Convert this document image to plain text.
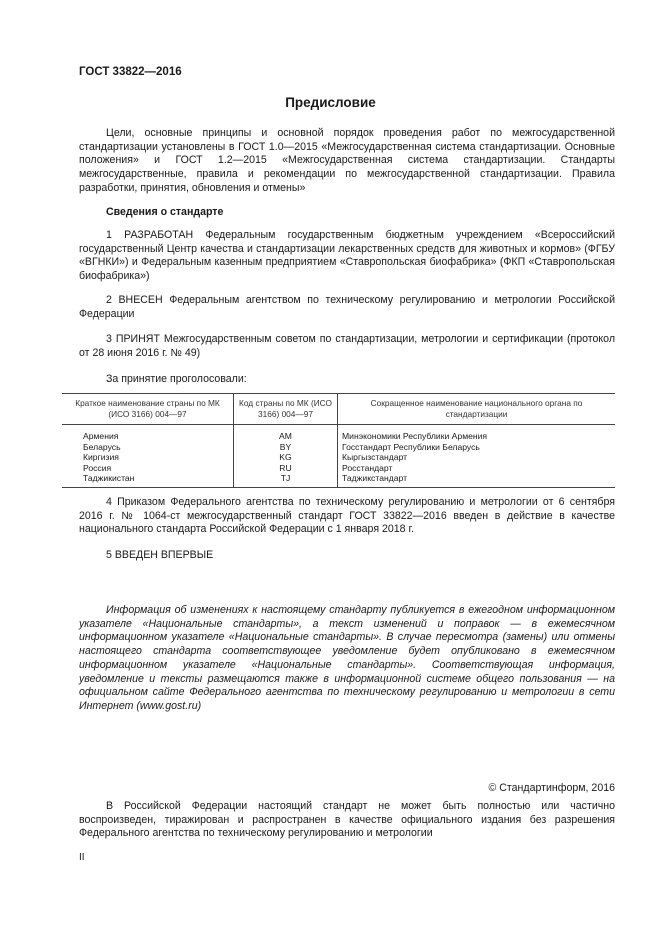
ГОСТ 33822—2016
Предисловие
Цели, основные принципы и основной порядок проведения работ по межгосударственной стандартизации установлены в ГОСТ 1.0—2015 «Межгосударственная система стандартизации. Основные положения» и ГОСТ 1.2—2015 «Межгосударственная система стандартизации. Стандарты межгосударственные, правила и рекомендации по межгосударственной стандартизации. Правила разработки, принятия, обновления и отмены»
Сведения о стандарте
1 РАЗРАБОТАН Федеральным государственным бюджетным учреждением «Всероссийский государственный Центр качества и стандартизации лекарственных средств для животных и кормов» (ФГБУ «ВГНКИ») и Федеральным казенным предприятием «Ставропольская биофабрика» (ФКП «Ставропольская биофабрика»)
2 ВНЕСЕН Федеральным агентством по техническому регулированию и метрологии Российской Федерации
3 ПРИНЯТ Межгосударственным советом по стандартизации, метрологии и сертификации (протокол от 28 июня 2016 г. № 49)
За принятие проголосовали:
Краткое наименование страны по МК (ИСО 3166) 004—97	Код страны по МК (ИСО 3166) 004—97	Сокращенное наименование национального органа по стандартизации
Армения	AM	Минэкономики Республики Армения
Беларусь	BY	Госстандарт Республики Беларусь
Киргизия	KG	Кыргызстандарт
Россия	RU	Росстандарт
Таджикистан	TJ	Таджикстандарт
4 Приказом Федерального агентства по техническому регулированию и метрологии от 6 сентября 2016 г. № 1064-ст межгосударственный стандарт ГОСТ 33822—2016 введен в действие в качестве национального стандарта Российской Федерации с 1 января 2018 г.
5 ВВЕДЕН ВПЕРВЫЕ
Информация об изменениях к настоящему стандарту публикуется в ежегодном информационном указателе «Национальные стандарты», а текст изменений и поправок — в ежемесячном информационном указателе «Национальные стандарты». В случае пересмотра (замены) или отмены настоящего стандарта соответствующее уведомление будет опубликовано в ежемесячном информационном указателе «Национальные стандарты». Соответствующая информация, уведомление и тексты размещаются также в информационной системе общего пользования — на официальном сайте Федерального агентства по техническому регулированию и метрологии в сети Интернет (www.gost.ru)
© Стандартинформ, 2016
В Российской Федерации настоящий стандарт не может быть полностью или частично воспроизведен, тиражирован и распространен в качестве официального издания без разрешения Федерального агентства по техническому регулированию и метрологии
II
